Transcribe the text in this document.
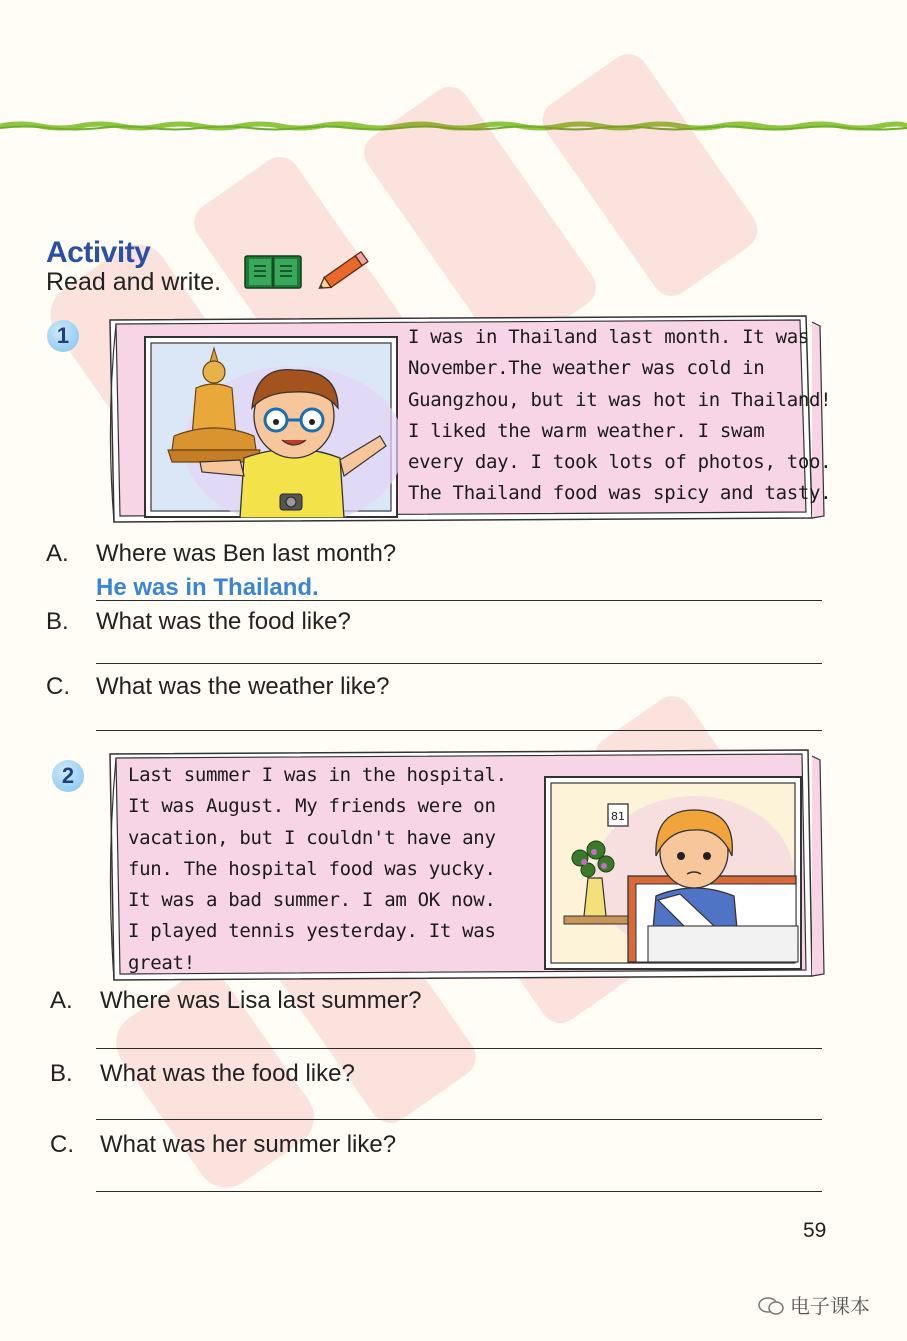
Activity
Read and write.
1	I was in Thailand last month. It was
November.The weather was cold in
Guangzhou, but it was hot in Thailand!
I liked the warm weather. I swam
every day. I took lots of photos, too.
The Thailand food was spicy and tasty.
A. Where was Ben last month?
He was in Thailand.
B. What was the food like?
C. What was the weather like?
2	Last summer I was in the hospital.
It was August. My friends were on
vacation, but I couldn't have any
fun. The hospital food was yucky.
It was a bad summer. I am OK now.
I played tennis yesterday. It was
great!
81
A. Where was Lisa last summer?
B. What was the food like?
C. What was her summer like?
59
电子课本
